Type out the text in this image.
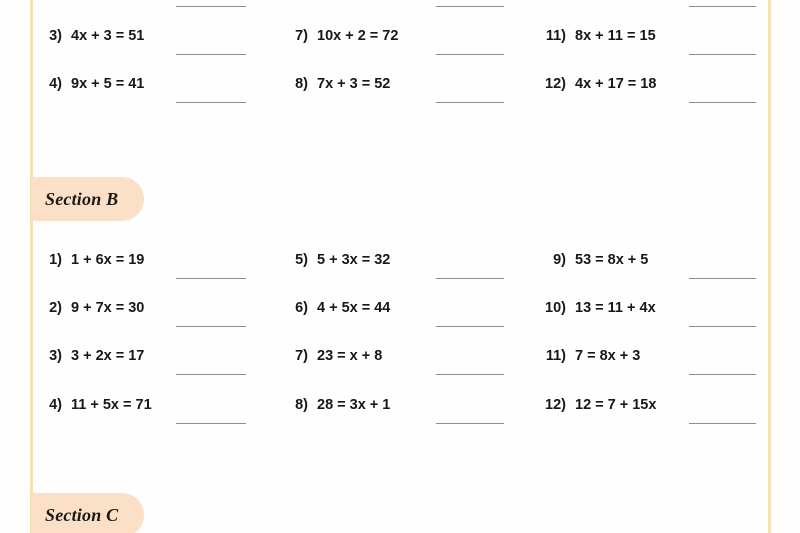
3) 4x + 3 = 51
4) 9x + 5 = 41
7) 10x + 2 = 72
8) 7x + 3 = 52
11) 8x + 11 = 15
12) 4x + 17 = 18
Section B
1) 1 + 6x = 19
2) 9 + 7x = 30
3) 3 + 2x = 17
4) 11 + 5x = 71
5) 5 + 3x = 32
6) 4 + 5x = 44
7) 23 = x + 8
8) 28 = 3x + 1
9) 53 = 8x + 5
10) 13 = 11 + 4x
11) 7 = 8x + 3
12) 12 = 7 + 15x
Section C
